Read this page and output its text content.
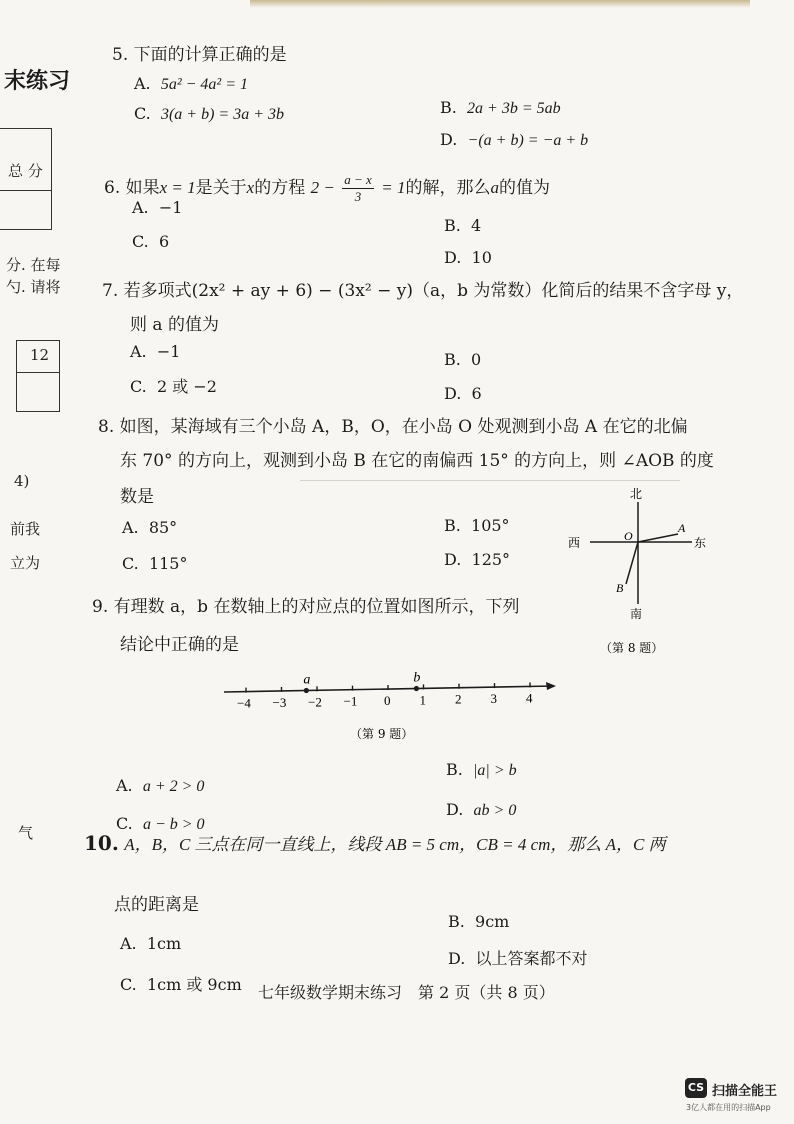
末练习
总 分
分. 在每
勺. 请将
12
4)
前我
立为
气
5. 下面的计算正确的是
A. 5a² − 4a² = 1
C. 3(a + b) = 3a + 3b	B. 2a + 3b = 5ab
D. −(a + b) = −a + b
6. 如果x = 1是关于x的方程 $2 - \frac{a - x}{3} = 1$的解，那么a的值为
A. −1
C. 6
B. 4
D. 10
7. 若多项式(2x² + ay + 6) − (3x² − y)（a，b 为常数）化简后的结果不含字母 y，
则 a 的值为
A. −1
C. 2 或 −2
B. 0
D. 6
8. 如图，某海域有三个小岛 A，B，O，在小岛 O 处观测到小岛 A 在它的北偏
东 70° 的方向上，观测到小岛 B 在它的南偏西 15° 的方向上，则 ∠AOB 的度
数是
A. 85°
C. 115°
B. 105°
D. 125°
北
南
西	东
O
A
B
（第 8 题）
9. 有理数 a，b 在数轴上的对应点的位置如图所示，下列
结论中正确的是
−4 −3 −2 −1 0 1 2 3 4
a	b
（第 9 题）
A. a + 2 > 0
C. a − b > 0
B. |a| > b
D. ab > 0
10. A，B，C 三点在同一直线上，线段 AB = 5 cm，CB = 4 cm，那么 A，C 两
点的距离是
A. 1cm
C. 1cm 或 9cm
B. 9cm
D. 以上答案都不对
七年级数学期末练习　第 2 页（共 8 页）
CS 扫描全能王
3亿人都在用的扫描App
